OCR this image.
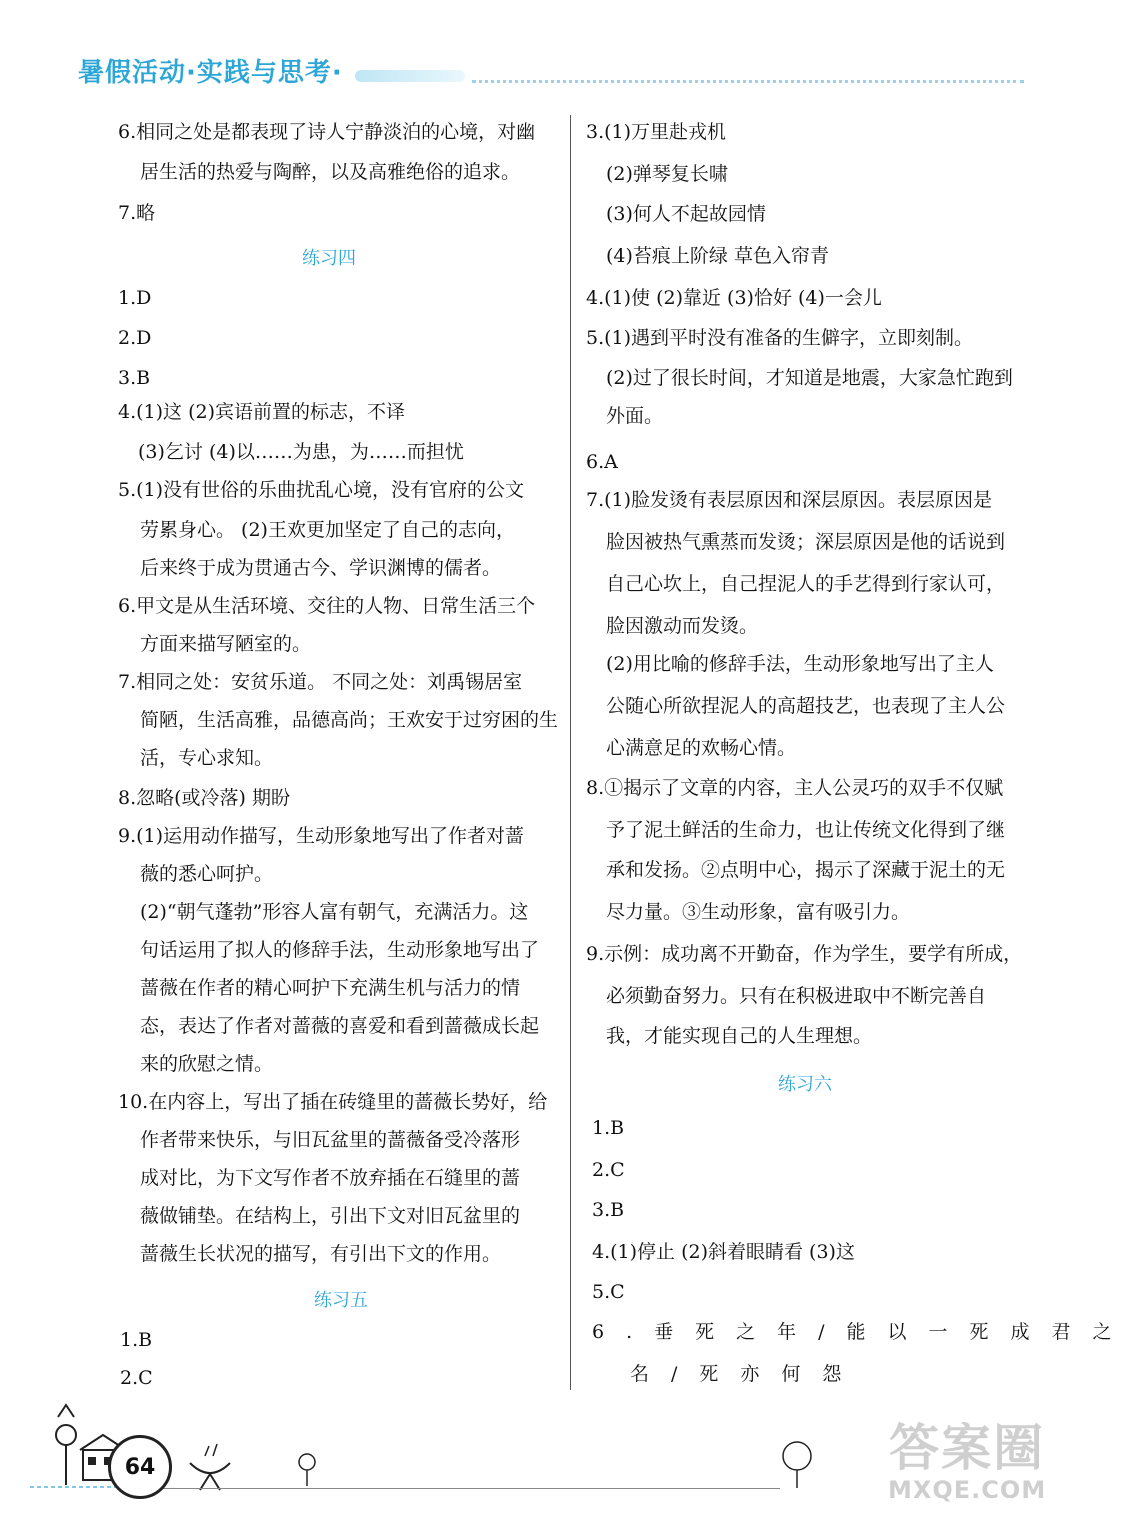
暑假活动·实践与思考·
6.相同之处是都表现了诗人宁静淡泊的心境，对幽
居生活的热爱与陶醉，以及高雅绝俗的追求。
7.略
练习四
1.D
2.D
3.B
4.(1)这 (2)宾语前置的标志，不译
(3)乞讨 (4)以……为患，为……而担忧
5.(1)没有世俗的乐曲扰乱心境，没有官府的公文
劳累身心。 (2)王欢更加坚定了自己的志向，
后来终于成为贯通古今、学识渊博的儒者。
6.甲文是从生活环境、交往的人物、日常生活三个
方面来描写陋室的。
7.相同之处：安贫乐道。 不同之处：刘禹锡居室
简陋，生活高雅，品德高尚；王欢安于过穷困的生
活，专心求知。
8.忽略(或冷落) 期盼
9.(1)运用动作描写，生动形象地写出了作者对蔷
薇的悉心呵护。
(2)“朝气蓬勃”形容人富有朝气，充满活力。这
句话运用了拟人的修辞手法，生动形象地写出了
蔷薇在作者的精心呵护下充满生机与活力的情
态，表达了作者对蔷薇的喜爱和看到蔷薇成长起
来的欣慰之情。
10.在内容上，写出了插在砖缝里的蔷薇长势好，给
作者带来快乐，与旧瓦盆里的蔷薇备受冷落形
成对比，为下文写作者不放弃插在石缝里的蔷
薇做铺垫。在结构上，引出下文对旧瓦盆里的
蔷薇生长状况的描写，有引出下文的作用。
练习五
1.B
2.C
3.(1)万里赴戎机
(2)弹琴复长啸
(3)何人不起故园情
(4)苔痕上阶绿 草色入帘青
4.(1)使 (2)靠近 (3)恰好 (4)一会儿
5.(1)遇到平时没有准备的生僻字，立即刻制。
(2)过了很长时间，才知道是地震，大家急忙跑到
外面。
6.A
7.(1)脸发烫有表层原因和深层原因。表层原因是
脸因被热气熏蒸而发烫；深层原因是他的话说到
自己心坎上，自己捏泥人的手艺得到行家认可，
脸因激动而发烫。
(2)用比喻的修辞手法，生动形象地写出了主人
公随心所欲捏泥人的高超技艺，也表现了主人公
心满意足的欢畅心情。
8.①揭示了文章的内容，主人公灵巧的双手不仅赋
予了泥土鲜活的生命力，也让传统文化得到了继
承和发扬。②点明中心，揭示了深藏于泥土的无
尽力量。③生动形象，富有吸引力。
9.示例：成功离不开勤奋，作为学生，要学有所成，
必须勤奋努力。只有在积极进取中不断完善自
我，才能实现自己的人生理想。
练习六
1.B
2.C
3.B
4.(1)停止 (2)斜着眼睛看 (3)这
5.C
6.垂死之年/能以一死成君之
名/死亦何怨
64	答案圈
MXQE.COM
